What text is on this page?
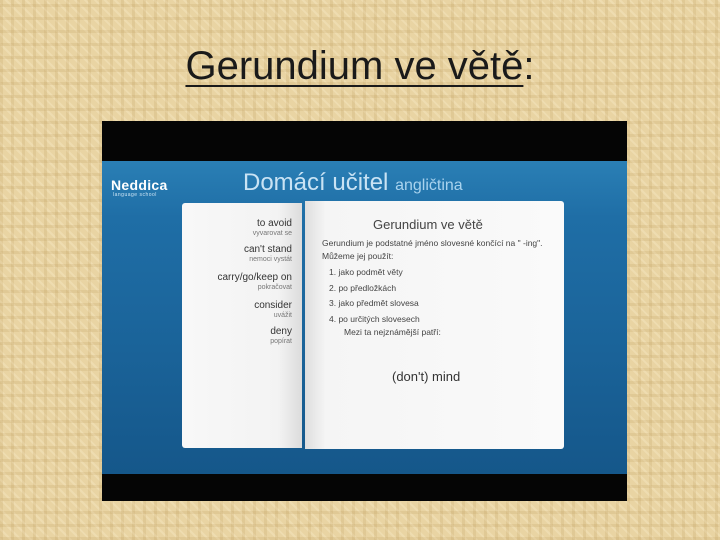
Gerundium ve větě:
Neddica
language school	Domácí učitel angličtina
to avoid
vyvarovat se
can't stand
nemoci vystát
carry/go/keep on
pokračovat
consider
uvážit
deny
popírat
Gerundium ve větě
Gerundium je podstatné jméno slovesné končící na " -ing". Můžeme jej použít:
1. jako podmět věty
2. po předložkách
3. jako předmět slovesa
4. po určitých slovesech
Mezi ta nejznámější patří:
(don't) mind
